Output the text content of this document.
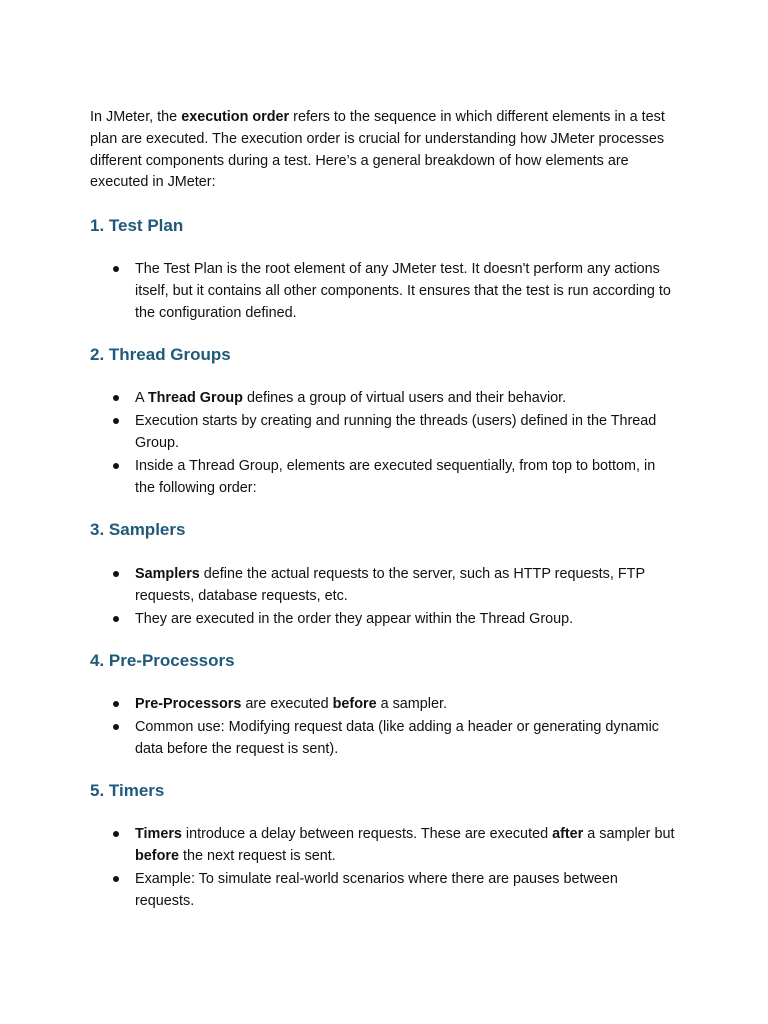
In JMeter, the execution order refers to the sequence in which different elements in a test plan are executed. The execution order is crucial for understanding how JMeter processes different components during a test. Here’s a general breakdown of how elements are executed in JMeter:

1. Test Plan
The Test Plan is the root element of any JMeter test. It doesn't perform any actions itself, but it contains all other components. It ensures that the test is run according to the configuration defined.
2. Thread Groups
A Thread Group defines a group of virtual users and their behavior.
Execution starts by creating and running the threads (users) defined in the Thread Group.
Inside a Thread Group, elements are executed sequentially, from top to bottom, in the following order:
3. Samplers
Samplers define the actual requests to the server, such as HTTP requests, FTP requests, database requests, etc.
They are executed in the order they appear within the Thread Group.
4. Pre-Processors
Pre-Processors are executed before a sampler.
Common use: Modifying request data (like adding a header or generating dynamic data before the request is sent).
5. Timers
Timers introduce a delay between requests. These are executed after a sampler but before the next request is sent.
Example: To simulate real-world scenarios where there are pauses between requests.
